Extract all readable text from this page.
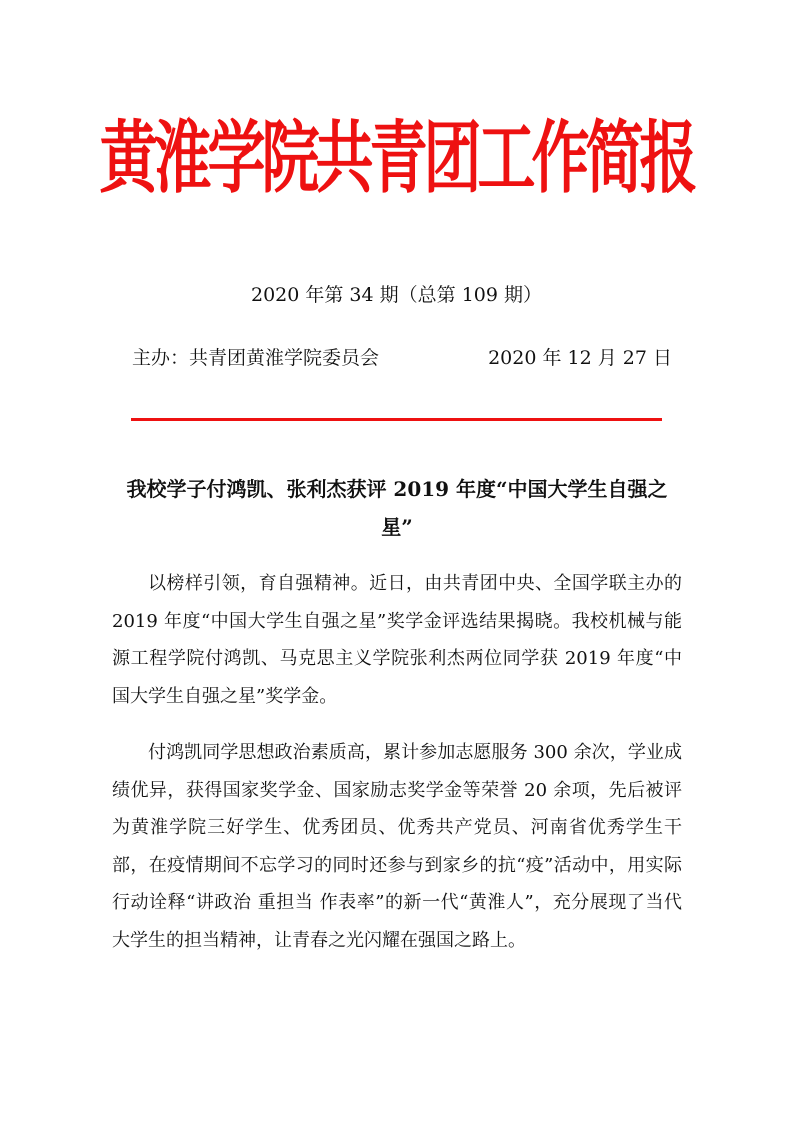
黄淮学院共青团工作简报
2020 年第 34 期（总第 109 期）
主办：共青团黄淮学院委员会	2020 年 12 月 27 日
我校学子付鸿凯、张利杰获评 2019 年度“中国大学生自强之星”

以榜样引领，育自强精神。近日，由共青团中央、全国学联主办的 2019 年度“中国大学生自强之星”奖学金评选结果揭晓。我校机械与能源工程学院付鸿凯、马克思主义学院张利杰两位同学获 2019 年度“中国大学生自强之星”奖学金。

付鸿凯同学思想政治素质高，累计参加志愿服务 300 余次，学业成绩优异，获得国家奖学金、国家励志奖学金等荣誉 20 余项，先后被评为黄淮学院三好学生、优秀团员、优秀共产党员、河南省优秀学生干部，在疫情期间不忘学习的同时还参与到家乡的抗“疫”活动中，用实际行动诠释“讲政治 重担当 作表率”的新一代“黄淮人”，充分展现了当代大学生的担当精神，让青春之光闪耀在强国之路上。
